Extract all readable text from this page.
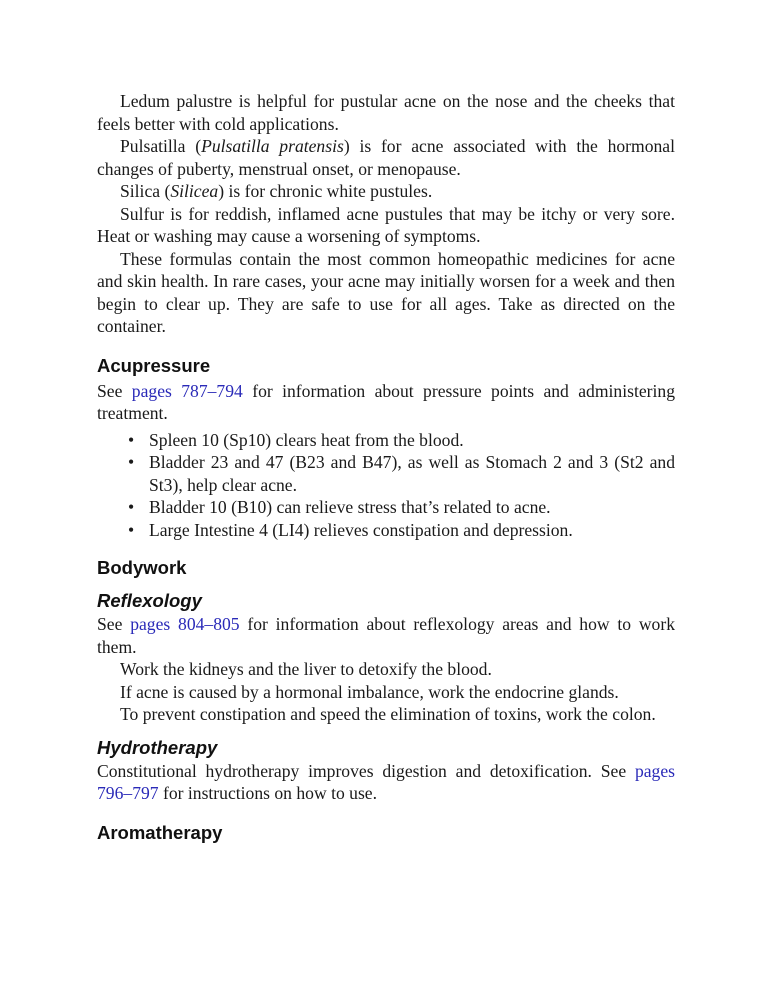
Ledum palustre is helpful for pustular acne on the nose and the cheeks that feels better with cold applications.

Pulsatilla (Pulsatilla pratensis) is for acne associated with the hormonal changes of puberty, menstrual onset, or menopause.

Silica (Silicea) is for chronic white pustules.

Sulfur is for reddish, inflamed acne pustules that may be itchy or very sore. Heat or washing may cause a worsening of symptoms.

These formulas contain the most common homeopathic medicines for acne and skin health. In rare cases, your acne may initially worsen for a week and then begin to clear up. They are safe to use for all ages. Take as directed on the container.

Acupressure

See pages 787–794 for information about pressure points and administering treatment.

• Spleen 10 (Sp10) clears heat from the blood.
• Bladder 23 and 47 (B23 and B47), as well as Stomach 2 and 3 (St2 and St3), help clear acne.
• Bladder 10 (B10) can relieve stress that’s related to acne.
• Large Intestine 4 (LI4) relieves constipation and depression.
Bodywork
Reflexology

See pages 804–805 for information about reflexology areas and how to work them.

Work the kidneys and the liver to detoxify the blood.

If acne is caused by a hormonal imbalance, work the endocrine glands.

To prevent constipation and speed the elimination of toxins, work the colon.

Hydrotherapy

Constitutional hydrotherapy improves digestion and detoxification. See pages 796–797 for instructions on how to use.

Aromatherapy
